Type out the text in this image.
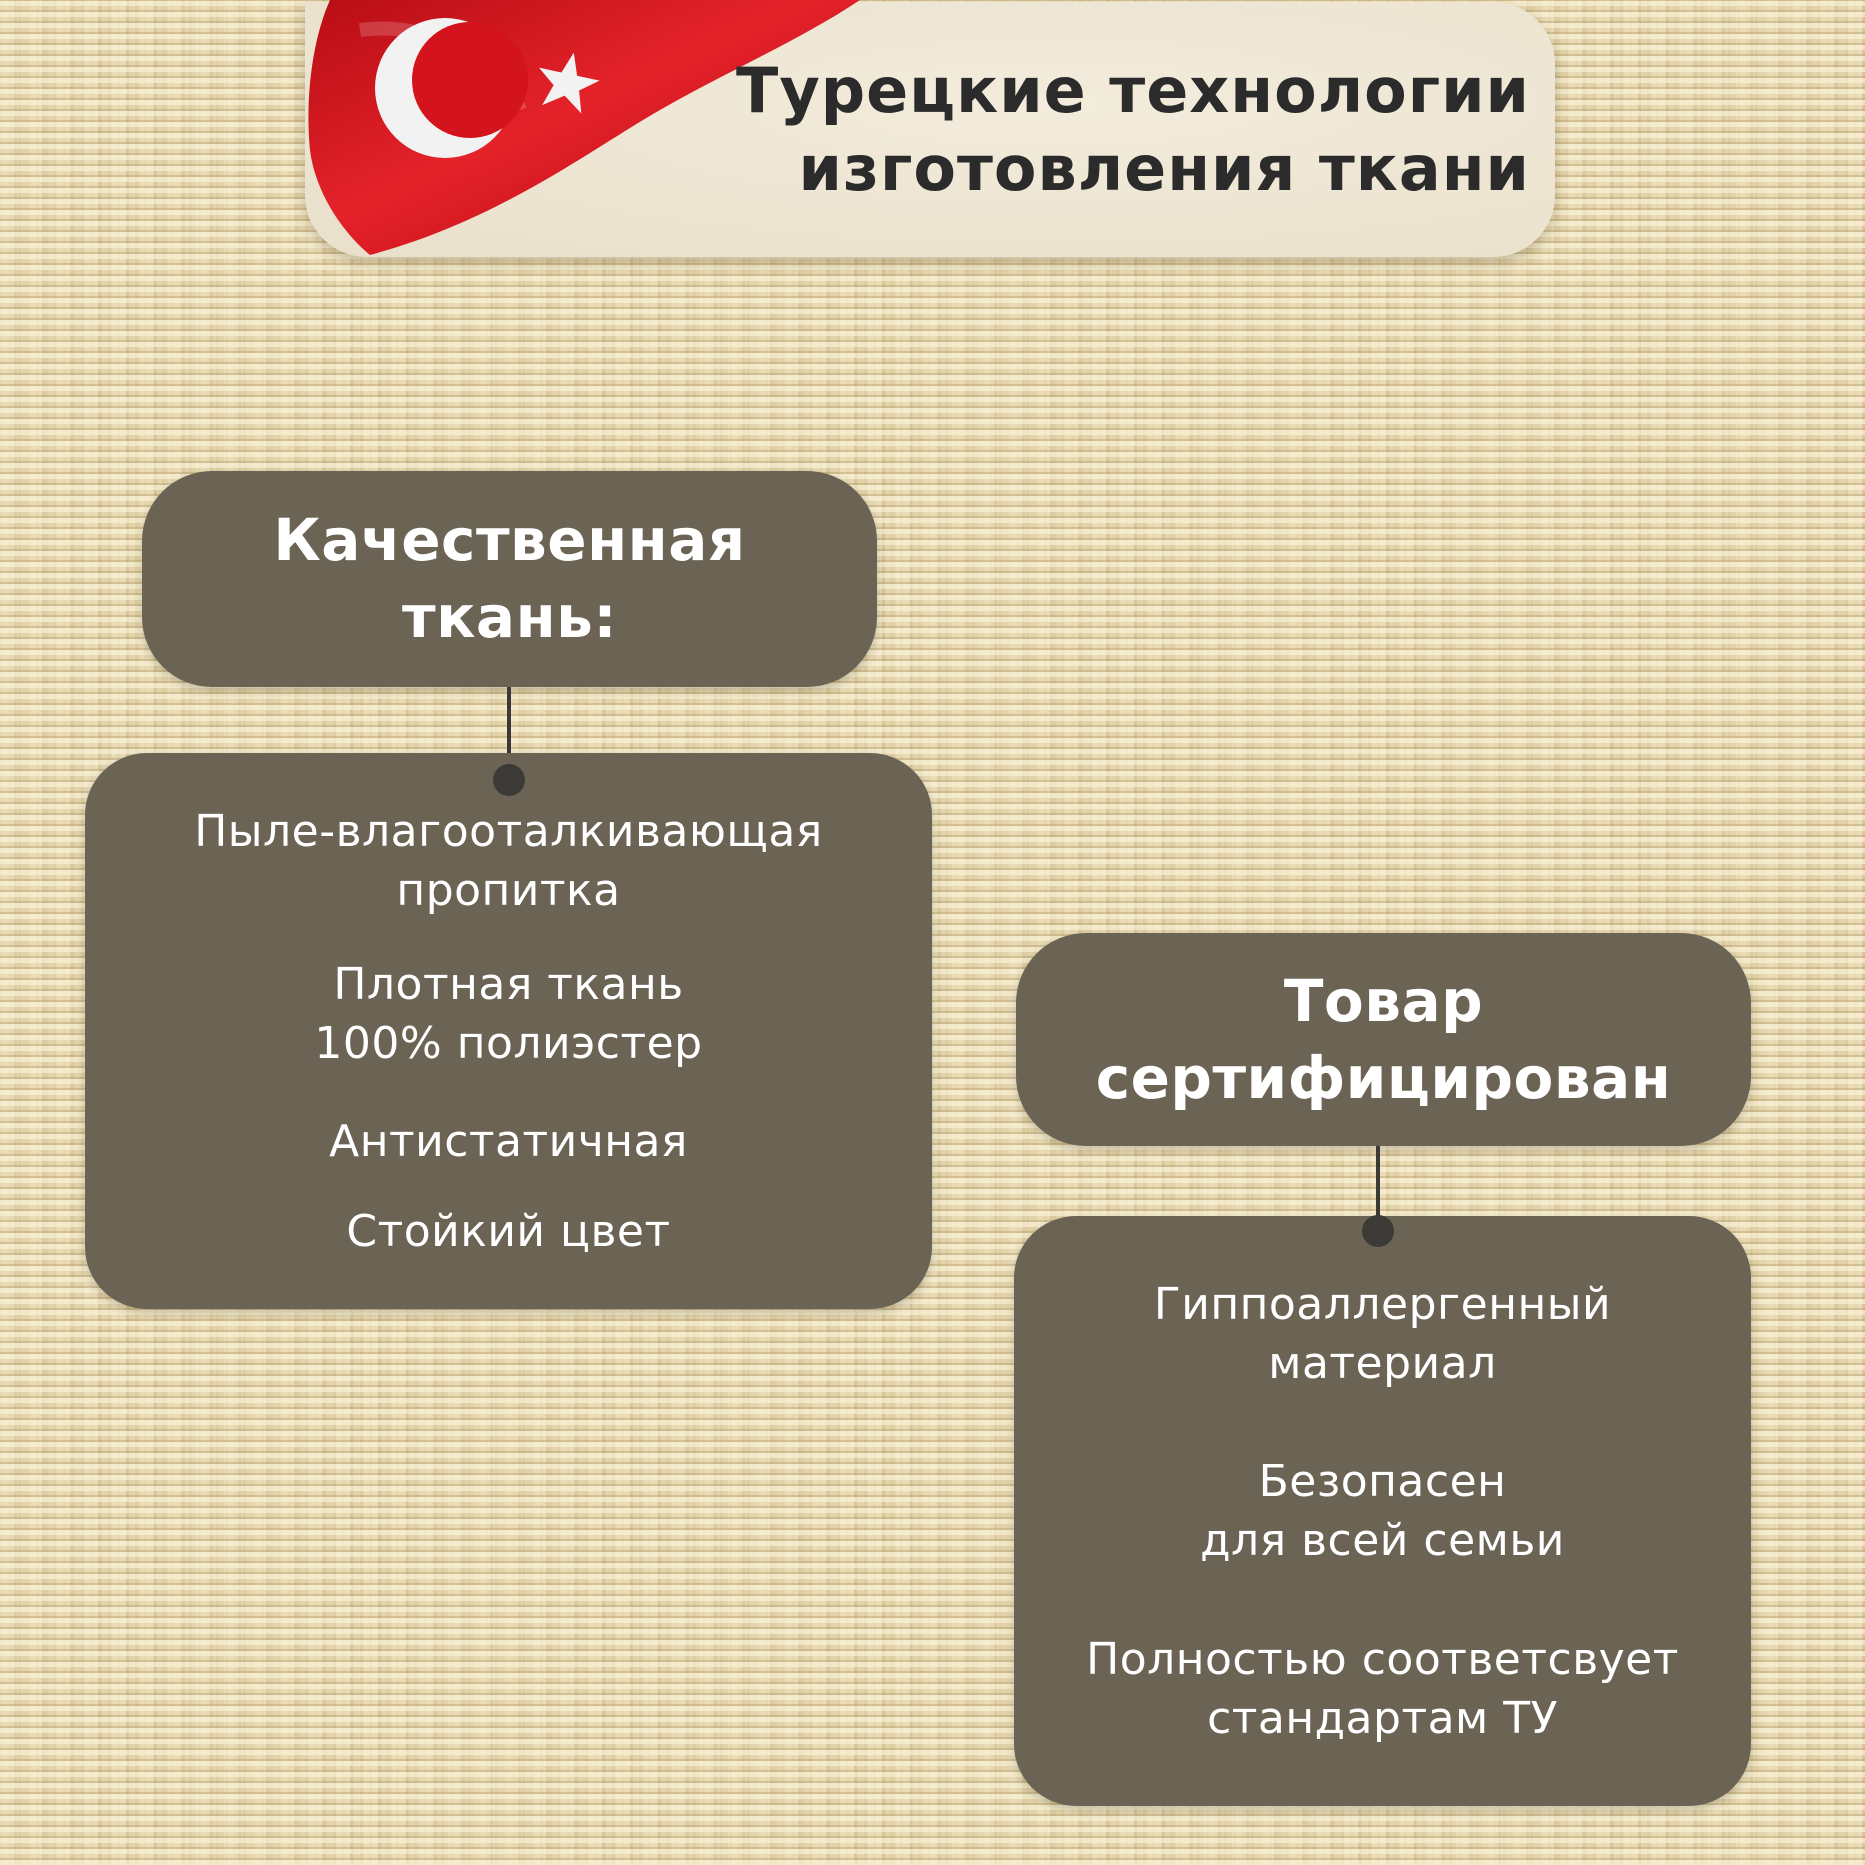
Турецкие технологии
изготовления ткани

Качественная
ткань:

Пыле-влагооталкивающая
пропитка

Плотная ткань
100% полиэстер

Антистатичная

Стойкий цвет

Товар
сертифицирован

Гиппоаллергенный
материал

Безопасен
для всей семьи

Полностью соответсвует
стандартам ТУ
